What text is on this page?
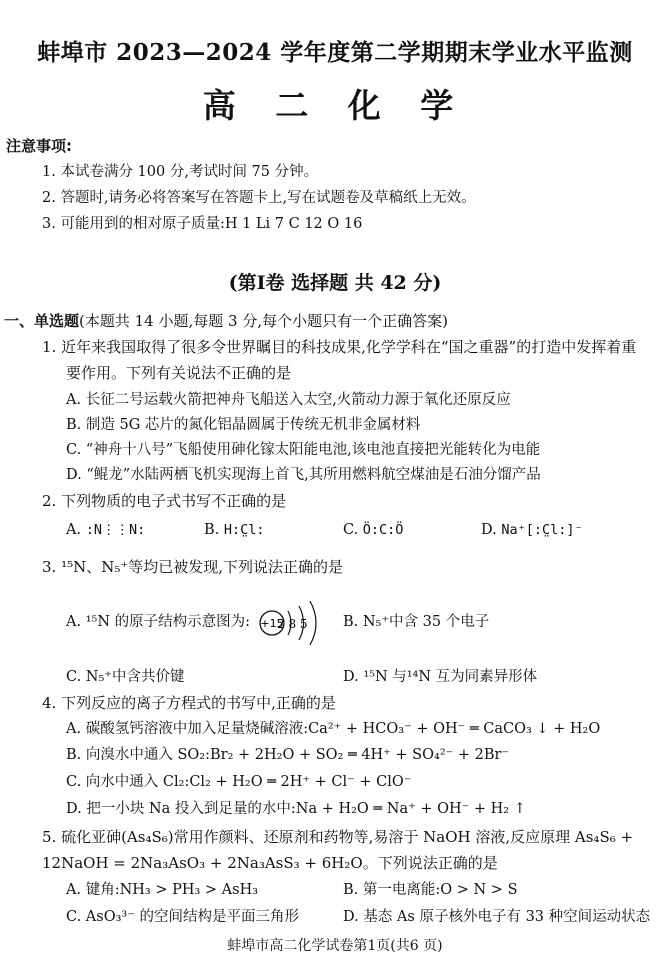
蚌埠市 2023—2024 学年度第二学期期末学业水平监测
高 二 化 学
注意事项:
1. 本试卷满分 100 分,考试时间 75 分钟。
2. 答题时,请务必将答案写在答题卡上,写在试题卷及草稿纸上无效。
3. 可能用到的相对原子质量:H 1 Li 7 C 12 O 16
(第Ⅰ卷 选择题 共 42 分)
一、单选题(本题共 14 小题,每题 3 分,每个小题只有一个正确答案)
1. 近年来我国取得了很多令世界瞩目的科技成果,化学学科在“国之重器”的打造中发挥着重
要作用。下列有关说法不正确的是
A. 长征二号运载火箭把神舟飞船送入太空,火箭动力源于氧化还原反应
B. 制造 5G 芯片的氮化铝晶圆属于传统无机非金属材料
C. “神舟十八号”飞船使用砷化镓太阳能电池,该电池直接把光能转化为电能
D. “鲲龙”水陆两栖飞机实现海上首飞,其所用燃料航空煤油是石油分馏产品
2. 下列物质的电子式书写不正确的是
A. :N⋮⋮N:	B. H:C̤l:	C. Ö:C:Ö	D. Na⁺[:C̤l:]⁻
3. ¹⁵N、N₅⁺等均已被发现,下列说法正确的是
A. ¹⁵N 的原子结构示意图为: +15
2 8 5 B. N₅⁺中含 35 个电子
C. N₅⁺中含共价键	D. ¹⁵N 与¹⁴N 互为同素异形体
4. 下列反应的离子方程式的书写中,正确的是
A. 碳酸氢钙溶液中加入足量烧碱溶液:Ca²⁺ + HCO₃⁻ + OH⁻ ═ CaCO₃ ↓ + H₂O
B. 向溴水中通入 SO₂:Br₂ + 2H₂O + SO₂ ═ 4H⁺ + SO₄²⁻ + 2Br⁻
C. 向水中通入 Cl₂:Cl₂ + H₂O ═ 2H⁺ + Cl⁻ + ClO⁻
D. 把一小块 Na 投入到足量的水中:Na + H₂O ═ Na⁺ + OH⁻ + H₂ ↑
5. 硫化亚砷(As₄S₆)常用作颜料、还原剂和药物等,易溶于 NaOH 溶液,反应原理 As₄S₆ +
12NaOH = 2Na₃AsO₃ + 2Na₃AsS₃ + 6H₂O。下列说法正确的是
A. 键角:NH₃ > PH₃ > AsH₃	B. 第一电离能:O > N > S
C. AsO₃³⁻ 的空间结构是平面三角形	D. 基态 As 原子核外电子有 33 种空间运动状态
蚌埠市高二化学试卷第1页(共6 页)
